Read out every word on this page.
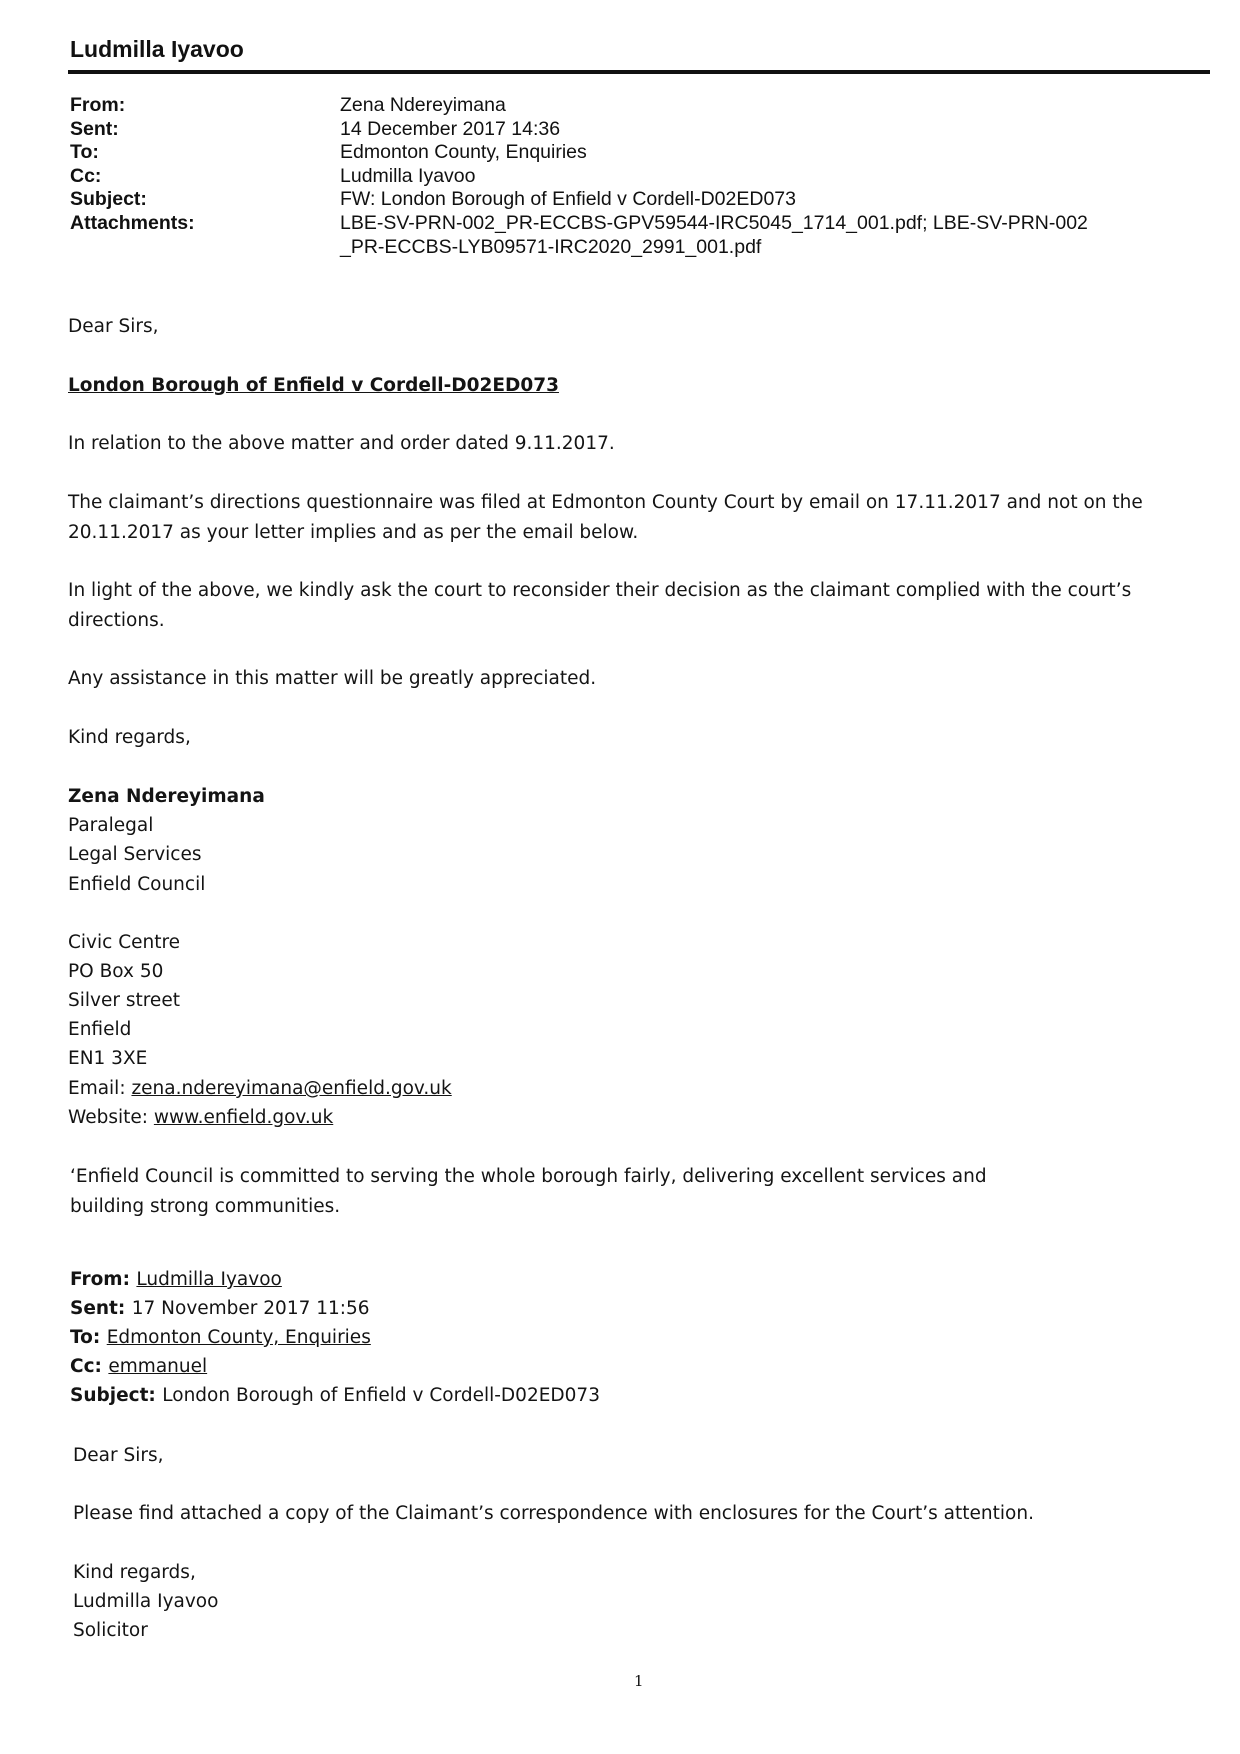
Ludmilla Iyavoo
From:	Zena Ndereyimana
Sent:	14 December 2017 14:36
To:	Edmonton County, Enquiries
Cc:	Ludmilla Iyavoo
Subject:	FW: London Borough of Enfield v Cordell-D02ED073
Attachments:	LBE-SV-PRN-002_PR-ECCBS-GPV59544-IRC5045_1714_001.pdf; LBE-SV-PRN-002
_PR-ECCBS-LYB09571-IRC2020_2991_001.pdf
Dear Sirs,
London Borough of Enfield v Cordell-D02ED073
In relation to the above matter and order dated 9.11.2017.
The claimant’s directions questionnaire was filed at Edmonton County Court by email on 17.11.2017 and not on the
20.11.2017 as your letter implies and as per the email below.
In light of the above, we kindly ask the court to reconsider their decision as the claimant complied with the court’s
directions.
Any assistance in this matter will be greatly appreciated.
Kind regards,
Zena Ndereyimana
Paralegal
Legal Services
Enfield Council
Civic Centre
PO Box 50
Silver street
Enfield
EN1 3XE
Email: zena.ndereyimana@enfield.gov.uk
Website: www.enfield.gov.uk
‘Enfield Council is committed to serving the whole borough fairly, delivering excellent services and
building strong communities.
From: Ludmilla Iyavoo
Sent: 17 November 2017 11:56
To: Edmonton County, Enquiries
Cc: emmanuel
Subject: London Borough of Enfield v Cordell-D02ED073
Dear Sirs,
Please find attached a copy of the Claimant’s correspondence with enclosures for the Court’s attention.
Kind regards,
Ludmilla Iyavoo
Solicitor
1
